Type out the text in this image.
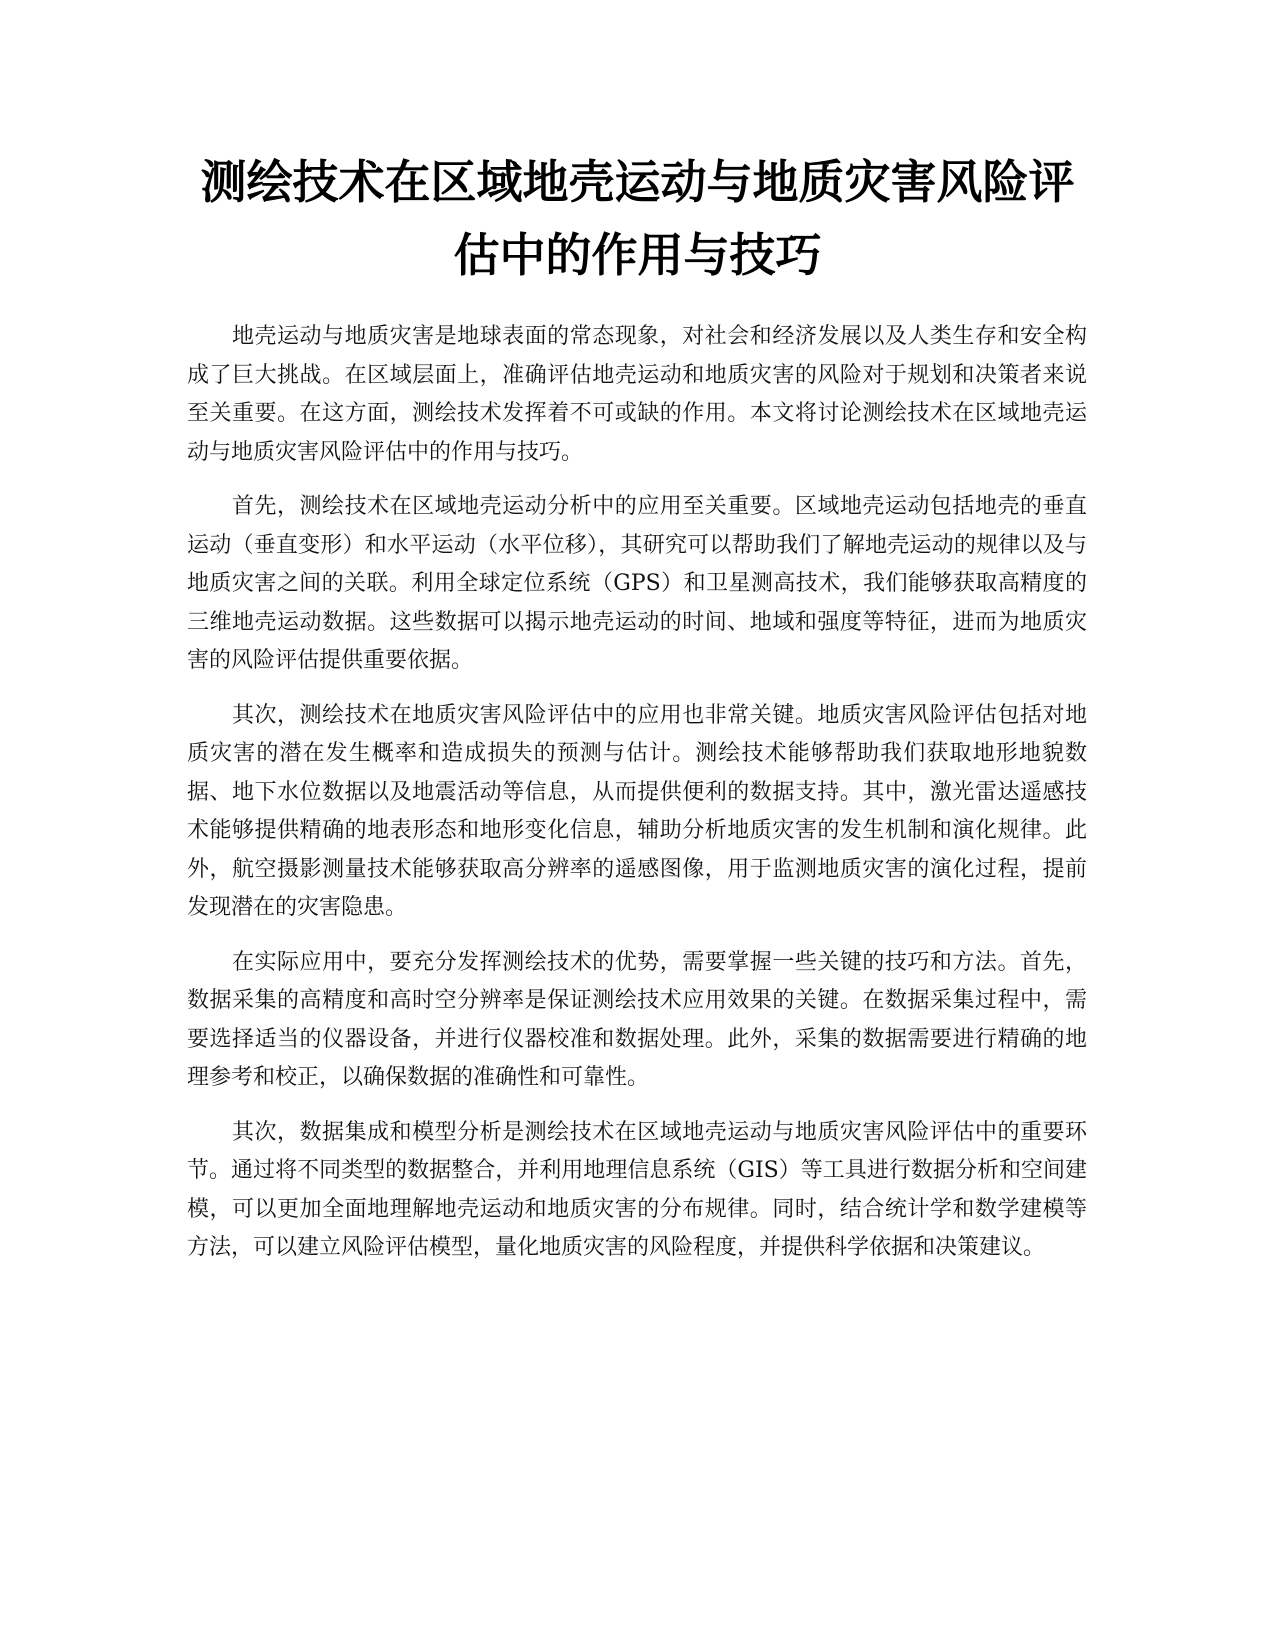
测绘技术在区域地壳运动与地质灾害风险评估中的作用与技巧

地壳运动与地质灾害是地球表面的常态现象，对社会和经济发展以及人类生存和安全构成了巨大挑战。在区域层面上，准确评估地壳运动和地质灾害的风险对于规划和决策者来说至关重要。在这方面，测绘技术发挥着不可或缺的作用。本文将讨论测绘技术在区域地壳运动与地质灾害风险评估中的作用与技巧。

首先，测绘技术在区域地壳运动分析中的应用至关重要。区域地壳运动包括地壳的垂直运动（垂直变形）和水平运动（水平位移），其研究可以帮助我们了解地壳运动的规律以及与地质灾害之间的关联。利用全球定位系统（GPS）和卫星测高技术，我们能够获取高精度的三维地壳运动数据。这些数据可以揭示地壳运动的时间、地域和强度等特征，进而为地质灾害的风险评估提供重要依据。

其次，测绘技术在地质灾害风险评估中的应用也非常关键。地质灾害风险评估包括对地质灾害的潜在发生概率和造成损失的预测与估计。测绘技术能够帮助我们获取地形地貌数据、地下水位数据以及地震活动等信息，从而提供便利的数据支持。其中，激光雷达遥感技术能够提供精确的地表形态和地形变化信息，辅助分析地质灾害的发生机制和演化规律。此外，航空摄影测量技术能够获取高分辨率的遥感图像，用于监测地质灾害的演化过程，提前发现潜在的灾害隐患。

在实际应用中，要充分发挥测绘技术的优势，需要掌握一些关键的技巧和方法。首先，数据采集的高精度和高时空分辨率是保证测绘技术应用效果的关键。在数据采集过程中，需要选择适当的仪器设备，并进行仪器校准和数据处理。此外，采集的数据需要进行精确的地理参考和校正，以确保数据的准确性和可靠性。

其次，数据集成和模型分析是测绘技术在区域地壳运动与地质灾害风险评估中的重要环节。通过将不同类型的数据整合，并利用地理信息系统（GIS）等工具进行数据分析和空间建模，可以更加全面地理解地壳运动和地质灾害的分布规律。同时，结合统计学和数学建模等方法，可以建立风险评估模型，量化地质灾害的风险程度，并提供科学依据和决策建议。
